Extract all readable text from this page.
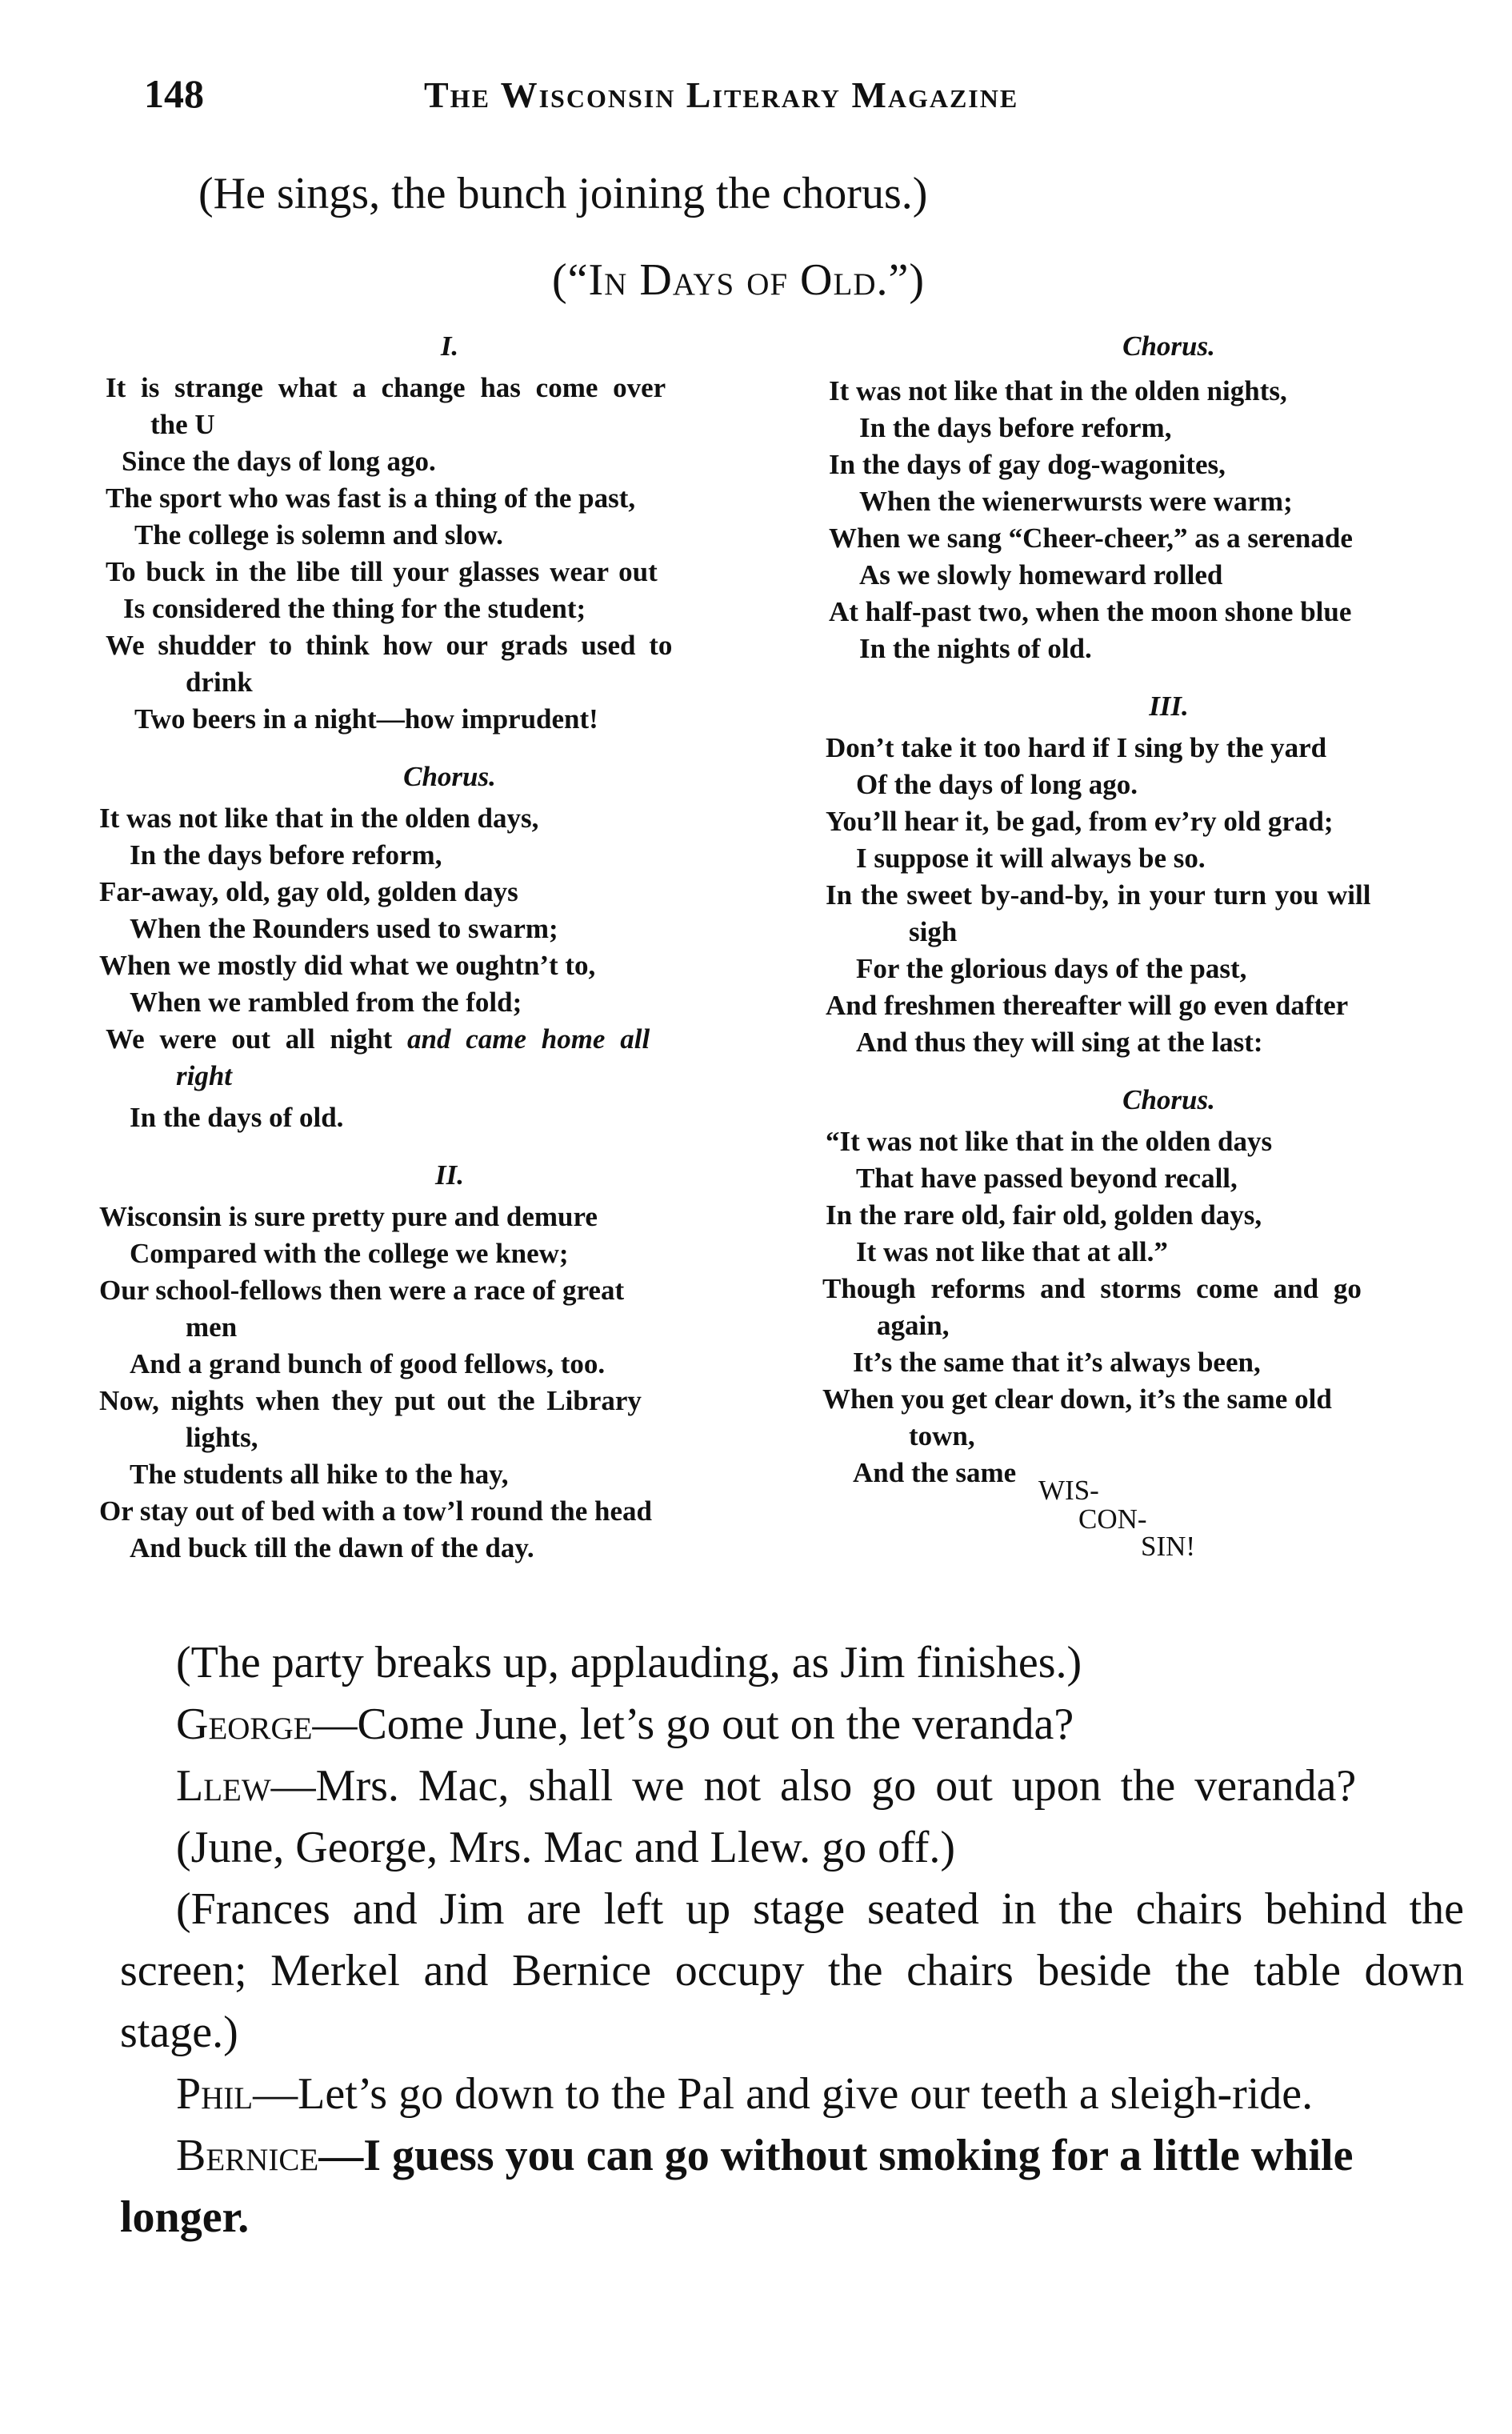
148	The Wisconsin Literary Magazine
(He sings, the bunch joining the chorus.)
(“In Days of Old.”)
I.
It is strange what a change has come over
the U
Since the days of long ago.
The sport who was fast is a thing of the past,
The college is solemn and slow.
To buck in the libe till your glasses wear out
Is considered the thing for the student;
We shudder to think how our grads used to
drink
Two beers in a night—how imprudent!
Chorus.
It was not like that in the olden days,
In the days before reform,
Far-away, old, gay old, golden days
When the Rounders used to swarm;
When we mostly did what we oughtn’t to,
When we rambled from the fold;
We were out all night and came home all
right
In the days of old.
II.
Wisconsin is sure pretty pure and demure
Compared with the college we knew;
Our school-fellows then were a race of great
men
And a grand bunch of good fellows, too.
Now, nights when they put out the Library
lights,
The students all hike to the hay,
Or stay out of bed with a tow’l round the head
And buck till the dawn of the day.
Chorus.
It was not like that in the olden nights,
In the days before reform,
In the days of gay dog-wagonites,
When the wienerwursts were warm;
When we sang “Cheer-cheer,” as a serenade
As we slowly homeward rolled
At half-past two, when the moon shone blue
In the nights of old.
III.
Don’t take it too hard if I sing by the yard
Of the days of long ago.
You’ll hear it, be gad, from ev’ry old grad;
I suppose it will always be so.
In the sweet by-and-by, in your turn you will
sigh
For the glorious days of the past,
And freshmen thereafter will go even dafter
And thus they will sing at the last:
Chorus.
“It was not like that in the olden days
That have passed beyond recall,
In the rare old, fair old, golden days,
It was not like that at all.”
Though reforms and storms come and go
again,
It’s the same that it’s always been,
When you get clear down, it’s the same old
town,
And the same
WIS-
CON-
SIN!

(The party breaks up, applauding, as Jim finishes.)

George—Come June, let’s go out on the veranda?

Llew—Mrs. Mac, shall we not also go out upon the veranda?

(June, George, Mrs. Mac and Llew. go off.)

(Frances and Jim are left up stage seated in the chairs behind the screen; Merkel and Bernice occupy the chairs beside the table down stage.)

Phil—Let’s go down to the Pal and give our teeth a sleigh-ride.

Bernice—I guess you can go without smoking for a little while longer.
